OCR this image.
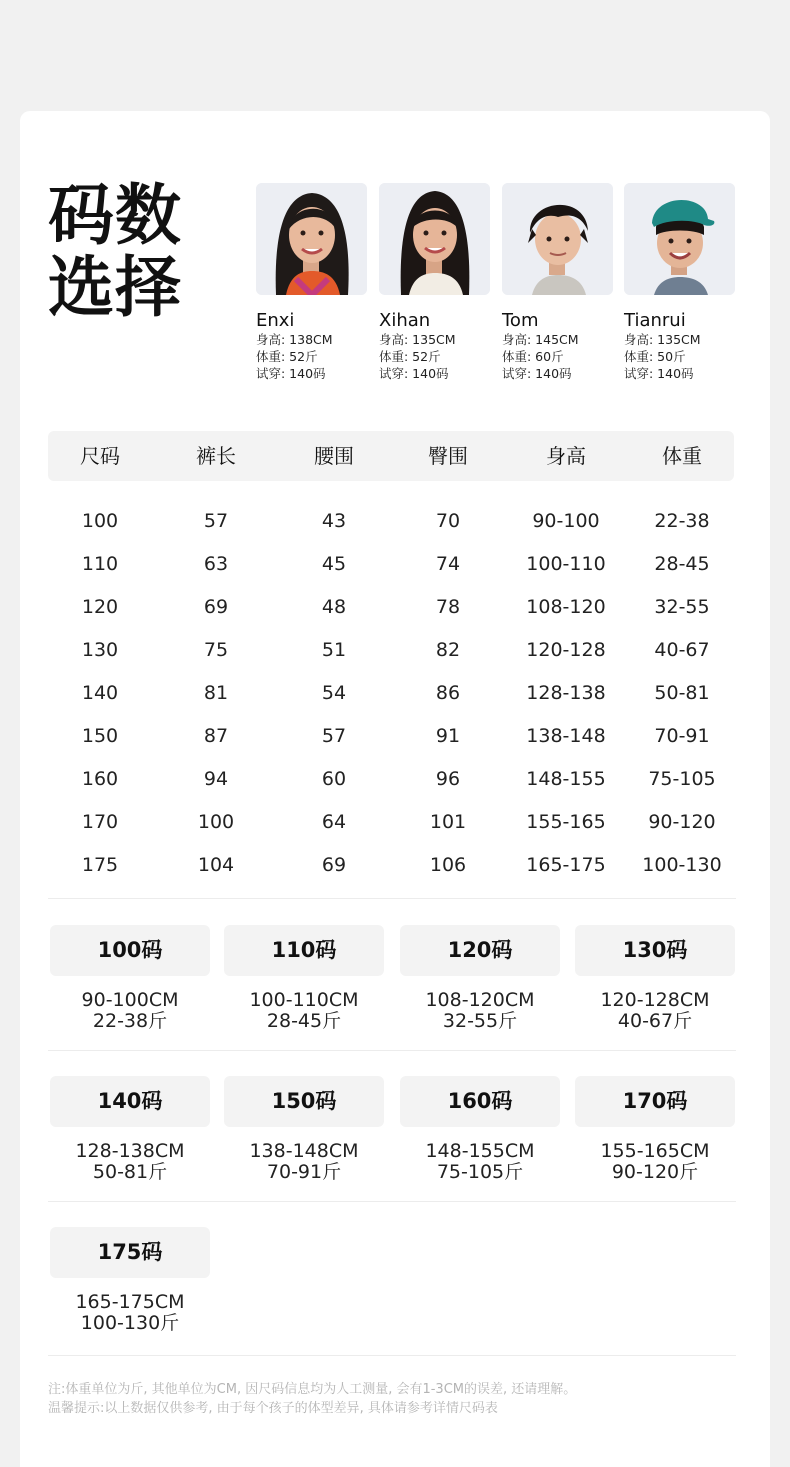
码数
选择	Enxi
身高: 138CM
体重: 52斤
试穿: 140码
Xihan
身高: 135CM
体重: 52斤
试穿: 140码
Tom
身高: 145CM
体重: 60斤
试穿: 140码
Tianrui
身高: 135CM
体重: 50斤
试穿: 140码
尺码	裤长	腰围	臀围	身高	体重
100	57	43	70	90-100	22-38
110	63	45	74	100-110	28-45
120	69	48	78	108-120	32-55
130	75	51	82	120-128	40-67
140	81	54	86	128-138	50-81
150	87	57	91	138-148	70-91
160	94	60	96	148-155	75-105
170	100	64	101	155-165	90-120
175	104	69	106	165-175	100-130
100码
90-100CM
22-38斤
110码
100-110CM
28-45斤
120码
108-120CM
32-55斤
130码
120-128CM
40-67斤
140码
128-138CM
50-81斤
150码
138-148CM
70-91斤
160码
148-155CM
75-105斤
170码
155-165CM
90-120斤
175码
165-175CM
100-130斤
注:体重单位为斤, 其他单位为CM, 因尺码信息均为人工测量, 会有1-3CM的误差, 还请理解。
温馨提示:以上数据仅供参考, 由于每个孩子的体型差异, 具体请参考详情尺码表
